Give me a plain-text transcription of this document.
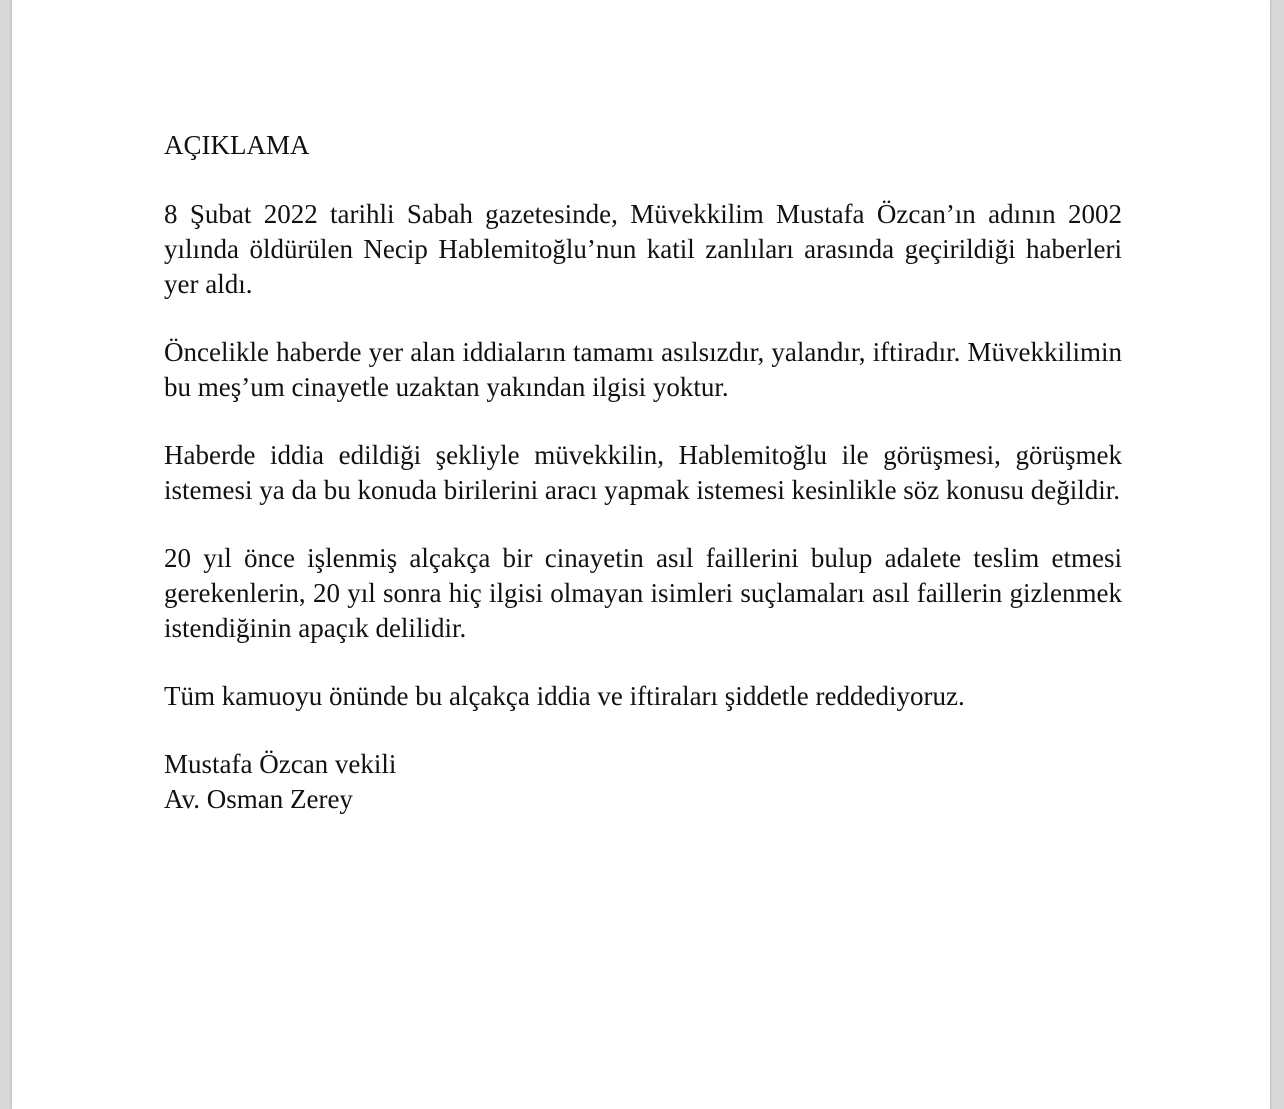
AÇIKLAMA

8 Şubat 2022 tarihli Sabah gazetesinde, Müvekkilim Mustafa Özcan’ın adının 2002 yılında öldürülen Necip Hablemitoğlu’nun katil zanlıları arasında geçirildiği haberleri yer aldı.

Öncelikle haberde yer alan iddiaların tamamı asılsızdır, yalandır, iftiradır. Müvekkilimin bu meş’um cinayetle uzaktan yakından ilgisi yoktur.

Haberde iddia edildiği şekliyle müvekkilin, Hablemitoğlu ile görüşmesi, görüşmek istemesi ya da bu konuda birilerini aracı yapmak istemesi kesinlikle söz konusu değildir.

20 yıl önce işlenmiş alçakça bir cinayetin asıl faillerini bulup adalete teslim etmesi gerekenlerin, 20 yıl sonra hiç ilgisi olmayan isimleri suçlamaları asıl faillerin gizlenmek istendiğinin apaçık delilidir.

Tüm kamuoyu önünde bu alçakça iddia ve iftiraları şiddetle reddediyoruz.

Mustafa Özcan vekili

Av. Osman Zerey
